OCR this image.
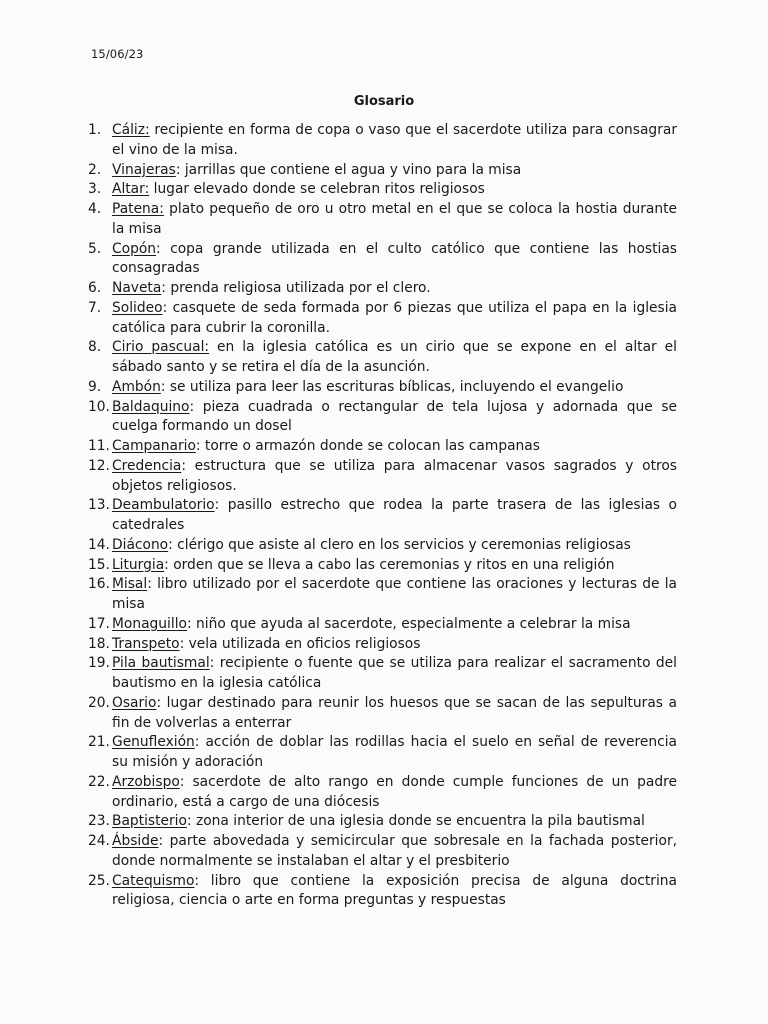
15/06/23
Glosario
1. Cáliz: recipiente en forma de copa o vaso que el sacerdote utiliza para consagrar el vino de la misa.
2. Vinajeras: jarrillas que contiene el agua y vino para la misa
3. Altar: lugar elevado donde se celebran ritos religiosos
4. Patena: plato pequeño de oro u otro metal en el que se coloca la hostia durante la misa
5. Copón: copa grande utilizada en el culto católico que contiene las hostias consagradas
6. Naveta: prenda religiosa utilizada por el clero.
7. Solideo: casquete de seda formada por 6 piezas que utiliza el papa en la iglesia católica para cubrir la coronilla.
8. Cirio pascual: en la iglesia católica es un cirio que se expone en el altar el sábado santo y se retira el día de la asunción.
9. Ambón: se utiliza para leer las escrituras bíblicas, incluyendo el evangelio
10. Baldaquino: pieza cuadrada o rectangular de tela lujosa y adornada que se cuelga formando un dosel
11. Campanario: torre o armazón donde se colocan las campanas
12. Credencia: estructura que se utiliza para almacenar vasos sagrados y otros objetos religiosos.
13. Deambulatorio: pasillo estrecho que rodea la parte trasera de las iglesias o catedrales
14. Diácono: clérigo que asiste al clero en los servicios y ceremonias religiosas
15. Liturgia: orden que se lleva a cabo las ceremonias y ritos en una religión
16. Misal: libro utilizado por el sacerdote que contiene las oraciones y lecturas de la misa
17. Monaguillo: niño que ayuda al sacerdote, especialmente a celebrar la misa
18. Transpeto: vela utilizada en oficios religiosos
19. Pila bautismal: recipiente o fuente que se utiliza para realizar el sacramento del bautismo en la iglesia católica
20. Osario: lugar destinado para reunir los huesos que se sacan de las sepulturas a fin de volverlas a enterrar
21. Genuflexión: acción de doblar las rodillas hacia el suelo en señal de reverencia su misión y adoración
22. Arzobispo: sacerdote de alto rango en donde cumple funciones de un padre ordinario, está a cargo de una diócesis
23. Baptisterio: zona interior de una iglesia donde se encuentra la pila bautismal
24. Ábside: parte abovedada y semicircular que sobresale en la fachada posterior, donde normalmente se instalaban el altar y el presbiterio
25. Catequismo: libro que contiene la exposición precisa de alguna doctrina religiosa, ciencia o arte en forma preguntas y respuestas
